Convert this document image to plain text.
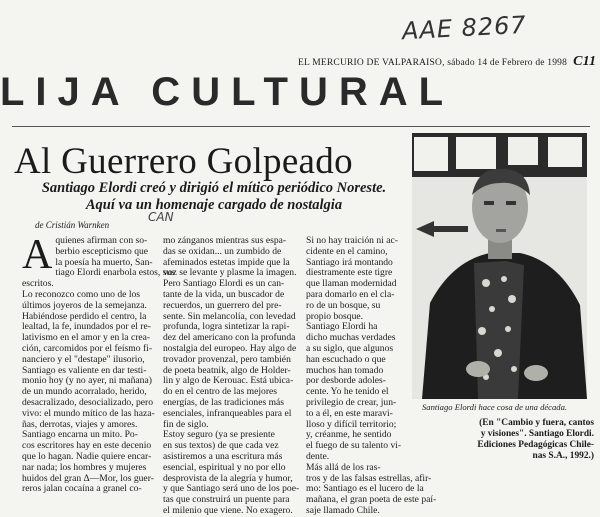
AAE 8267
EL MERCURIO DE VALPARAISO, sábado 14 de Febrero de 1998 C11
LIJA CULTURAL
Al Guerrero Golpeado
Santiago Elordi creó y dirigió el mítico periódico Noreste.
Aquí va un homenaje cargado de nostalgia
de Cristián Warnken
CAN
A quienes afirman con so-

berbio escepticismo que

la poesía ha muerto, San-

tiago Elordi enarbola estos, sus

escritos.

Lo reconozco como uno de los

últimos joyeros de la semejanza.

Habiéndose perdido el centro, la

lealtad, la fe, inundados por el re-

lativismo en el amor y en la crea-

ción, carcomidos por el feísmo fi-

nanciero y el "destape" ilusorio,

Santiago es valiente en dar testi-

monio hoy (y no ayer, ni mañana)

de un mundo acorralado, herido,

desacralizado, desocializado, pero

vivo: el mundo mítico de las haza-

ñas, derrotas, viajes y amores.

Santiago encarna un mito. Po-

cos escritores hay en este decenio

que lo hagan. Nadie quiere encar-

nar nada; los hombres y mujeres

huidos del gran Δ—Mor, los guer-

reros jalan cocaína a granel co-

mo zánganos mientras sus espa-

das se oxidan... un zumbido de

afeminados estetas impide que la

voz se levante y plasme la imagen.

Pero Santiago Elordi es un can-

tante de la vida, un buscador de

recuerdos, un guerrero del pre-

sente. Sin melancolía, con levedad

profunda, logra sintetizar la rapi-

dez del americano con la profunda

nostalgia del europeo. Hay algo de

trovador provenzal, pero también

de poeta beatnik, algo de Holder-

lin y algo de Kerouac. Está ubica-

do en el centro de las mejores

energías, de las tradiciones más

esenciales, infranqueables para el

fin de siglo.

Estoy seguro (ya se presiente

en sus textos) de que cada vez

asistiremos a una escritura más

esencial, espiritual y no por ello

desprovista de la alegría y humor,

y que Santiago será uno de los poe-

tas que construirá un puente para

el milenio que viene. No exagero.

Si no hay traición ni ac-

cidente en el camino,

Santiago irá montando

diestramente este tigre

que llaman modernidad

para domarlo en el cla-

ro de un bosque, su

propio bosque.

Santiago Elordi ha

dicho muchas verdades

a su siglo, que algunos

han escuchado o que

muchos han tomado

por desborde adoles-

cente. Yo he tenido el

privilegio de crear, jun-

to a él, en este maravi-

lloso y difícil territorio;

y, créanme, he sentido

el fuego de su talento vi-

dente.

Más allá de los ras-

tros y de las falsas estrellas, afir-

mo: Santiago es el lucero de la

mañana, el gran poeta de este paí-

saje llamado Chile.

Santiago Elordi hace cosa de una década.

(En "Cambio y fuera, cantos

y visiones". Santiago Elordi.

Ediciones Pedagógicas Chile-

nas S.A., 1992.)
